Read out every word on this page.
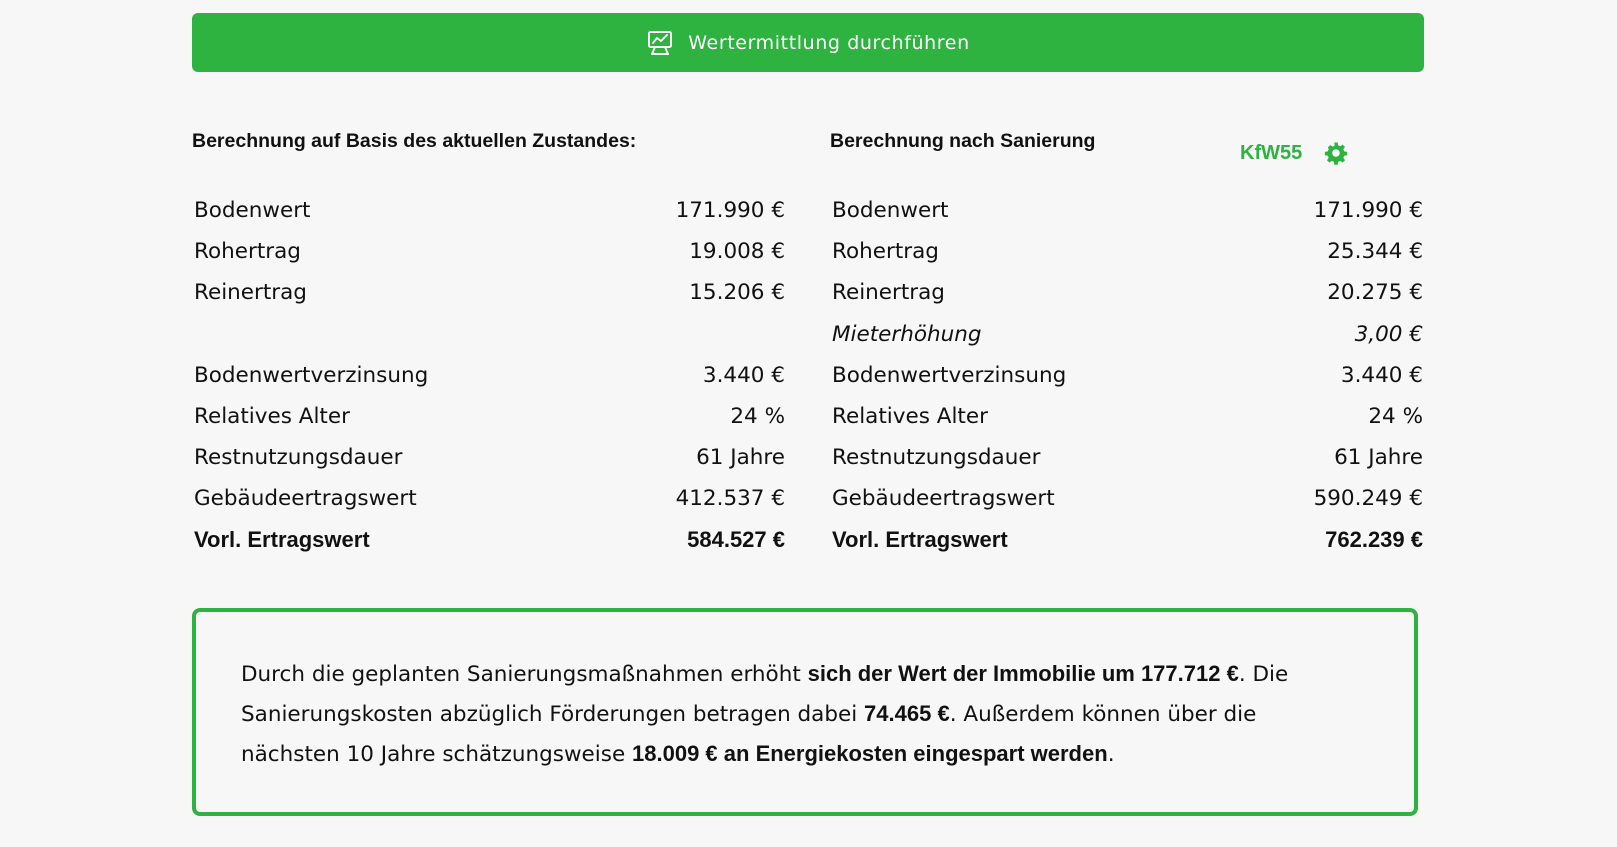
Wertermittlung durchführen
Berechnung auf Basis des aktuellen Zustandes:
Bodenwert	171.990 €
Rohertrag	19.008 €
Reinertrag	15.206 €
Bodenwertverzinsung	3.440 €
Relatives Alter	24 %
Restnutzungsdauer	61 Jahre
Gebäudeertragswert	412.537 €
Vorl. Ertragswert	584.527 €
Berechnung nach Sanierung
KfW55
Bodenwert	171.990 €
Rohertrag	25.344 €
Reinertrag	20.275 €
Mieterhöhung	3,00 €
Bodenwertverzinsung	3.440 €
Relatives Alter	24 %
Restnutzungsdauer	61 Jahre
Gebäudeertragswert	590.249 €
Vorl. Ertragswert	762.239 €

Durch die geplanten Sanierungsmaßnahmen erhöht sich der Wert der Immobilie um 177.712 €. Die Sanierungskosten abzüglich Förderungen betragen dabei 74.465 €. Außerdem können über die nächsten 10 Jahre schätzungsweise 18.009 € an Energiekosten eingespart werden.
